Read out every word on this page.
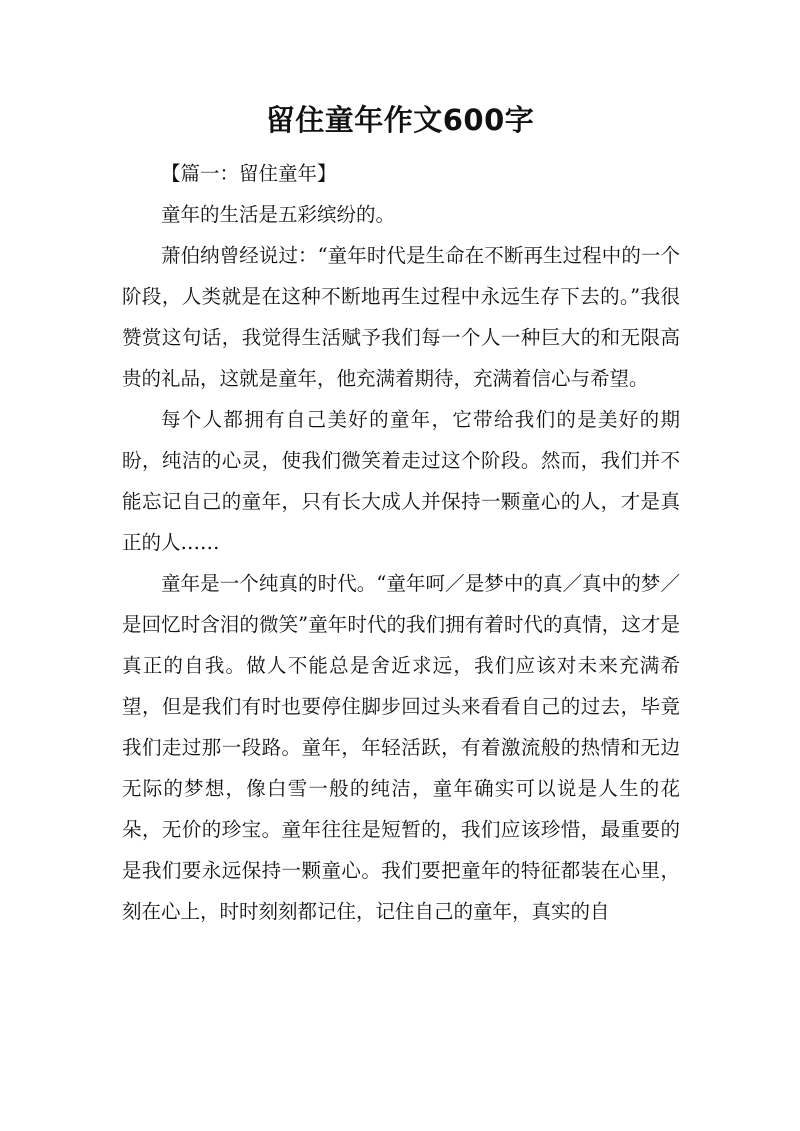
留住童年作文600字

【篇一：留住童年】

童年的生活是五彩缤纷的。

萧伯纳曾经说过：“童年时代是生命在不断再生过程中的一个阶段，人类就是在这种不断地再生过程中永远生存下去的。”我很赞赏这句话，我觉得生活赋予我们每一个人一种巨大的和无限高贵的礼品，这就是童年，他充满着期待，充满着信心与希望。

每个人都拥有自己美好的童年，它带给我们的是美好的期盼，纯洁的心灵，使我们微笑着走过这个阶段。然而，我们并不能忘记自己的童年，只有长大成人并保持一颗童心的人，才是真正的人……

童年是一个纯真的时代。“童年呵／是梦中的真／真中的梦／是回忆时含泪的微笑”童年时代的我们拥有着时代的真情，这才是真正的自我。做人不能总是舍近求远，我们应该对未来充满希望，但是我们有时也要停住脚步回过头来看看自己的过去，毕竟我们走过那一段路。童年，年轻活跃，有着激流般的热情和无边无际的梦想，像白雪一般的纯洁，童年确实可以说是人生的花朵，无价的珍宝。童年往往是短暂的，我们应该珍惜，最重要的是我们要永远保持一颗童心。我们要把童年的特征都装在心里，刻在心上，时时刻刻都记住，记住自己的童年，真实的自
